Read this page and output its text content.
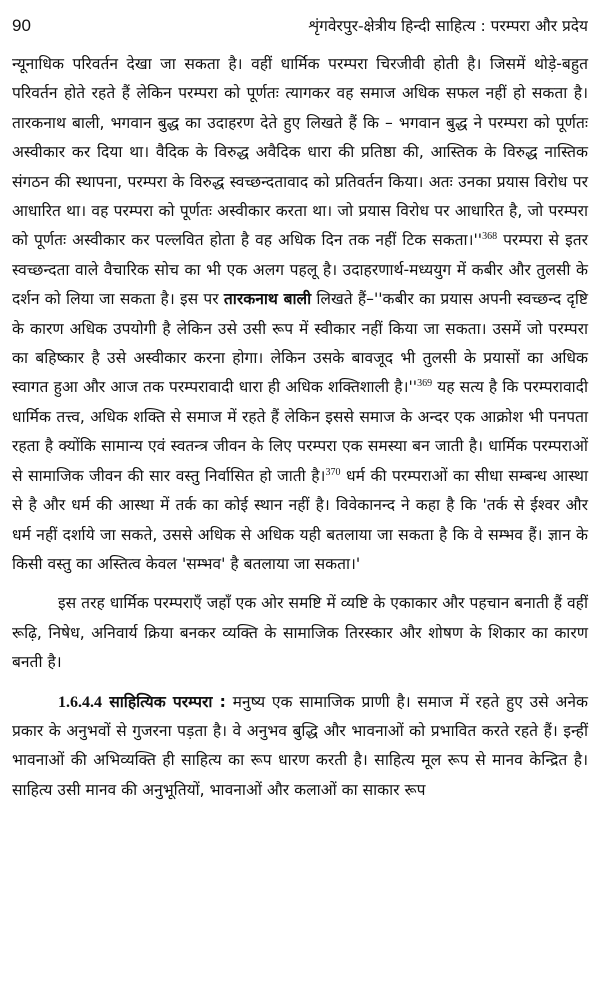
90	शृंगवेरपुर-क्षेत्रीय हिन्दी साहित्य : परम्परा और प्रदेय

न्यूनाधिक परिवर्तन देखा जा सकता है। वहीं धार्मिक परम्परा चिरजीवी होती है। जिसमें थोड़े-बहुत परिवर्तन होते रहते हैं लेकिन परम्परा को पूर्णतः त्यागकर वह समाज अधिक सफल नहीं हो सकता है। तारकनाथ बाली, भगवान बुद्ध का उदाहरण देते हुए लिखते हैं कि – भगवान बुद्ध ने परम्परा को पूर्णतः अस्वीकार कर दिया था। वैदिक के विरुद्ध अवैदिक धारा की प्रतिष्ठा की, आस्तिक के विरुद्ध नास्तिक संगठन की स्थापना, परम्परा के विरुद्ध स्वच्छन्दतावाद को प्रतिवर्तन किया। अतः उनका प्रयास विरोध पर आधारित था। वह परम्परा को पूर्णतः अस्वीकार करता था। जो प्रयास विरोध पर आधारित है, जो परम्परा को पूर्णतः अस्वीकार कर पल्लवित होता है वह अधिक दिन तक नहीं टिक सकता।''$^{368}$ परम्परा से इतर स्वच्छन्दता वाले वैचारिक सोच का भी एक अलग पहलू है। उदाहरणार्थ-मध्ययुग में कबीर और तुलसी के दर्शन को लिया जा सकता है। इस पर तारकनाथ बाली लिखते हैं–''कबीर का प्रयास अपनी स्वच्छन्द दृष्टि के कारण अधिक उपयोगी है लेकिन उसे उसी रूप में स्वीकार नहीं किया जा सकता। उसमें जो परम्परा का बहिष्कार है उसे अस्वीकार करना होगा। लेकिन उसके बावजूद भी तुलसी के प्रयासों का अधिक स्वागत हुआ और आज तक परम्परावादी धारा ही अधिक शक्तिशाली है।''$^{369}$ यह सत्य है कि परम्परावादी धार्मिक तत्त्व, अधिक शक्ति से समाज में रहते हैं लेकिन इससे समाज के अन्दर एक आक्रोश भी पनपता रहता है क्योंकि सामान्य एवं स्वतन्त्र जीवन के लिए परम्परा एक समस्या बन जाती है। धार्मिक परम्पराओं से सामाजिक जीवन की सार वस्तु निर्वासित हो जाती है।$^{370}$ धर्म की परम्पराओं का सीधा सम्बन्ध आस्था से है और धर्म की आस्था में तर्क का कोई स्थान नहीं है। विवेकानन्द ने कहा है कि 'तर्क से ईश्वर और धर्म नहीं दर्शाये जा सकते, उससे अधिक से अधिक यही बतलाया जा सकता है कि वे सम्भव हैं। ज्ञान के किसी वस्तु का अस्तित्व केवल 'सम्भव' है बतलाया जा सकता।'

इस तरह धार्मिक परम्पराएँ जहाँ एक ओर समष्टि में व्यष्टि के एकाकार और पहचान बनाती हैं वहीं रूढ़ि, निषेध, अनिवार्य क्रिया बनकर व्यक्ति के सामाजिक तिरस्कार और शोषण के शिकार का कारण बनती है।

1.6.4.4 साहित्यिक परम्परा : मनुष्य एक सामाजिक प्राणी है। समाज में रहते हुए उसे अनेक प्रकार के अनुभवों से गुजरना पड़ता है। वे अनुभव बुद्धि और भावनाओं को प्रभावित करते रहते हैं। इन्हीं भावनाओं की अभिव्यक्ति ही साहित्य का रूप धारण करती है। साहित्य मूल रूप से मानव केन्द्रित है। साहित्य उसी मानव की अनुभूतियों, भावनाओं और कलाओं का साकार रूप
